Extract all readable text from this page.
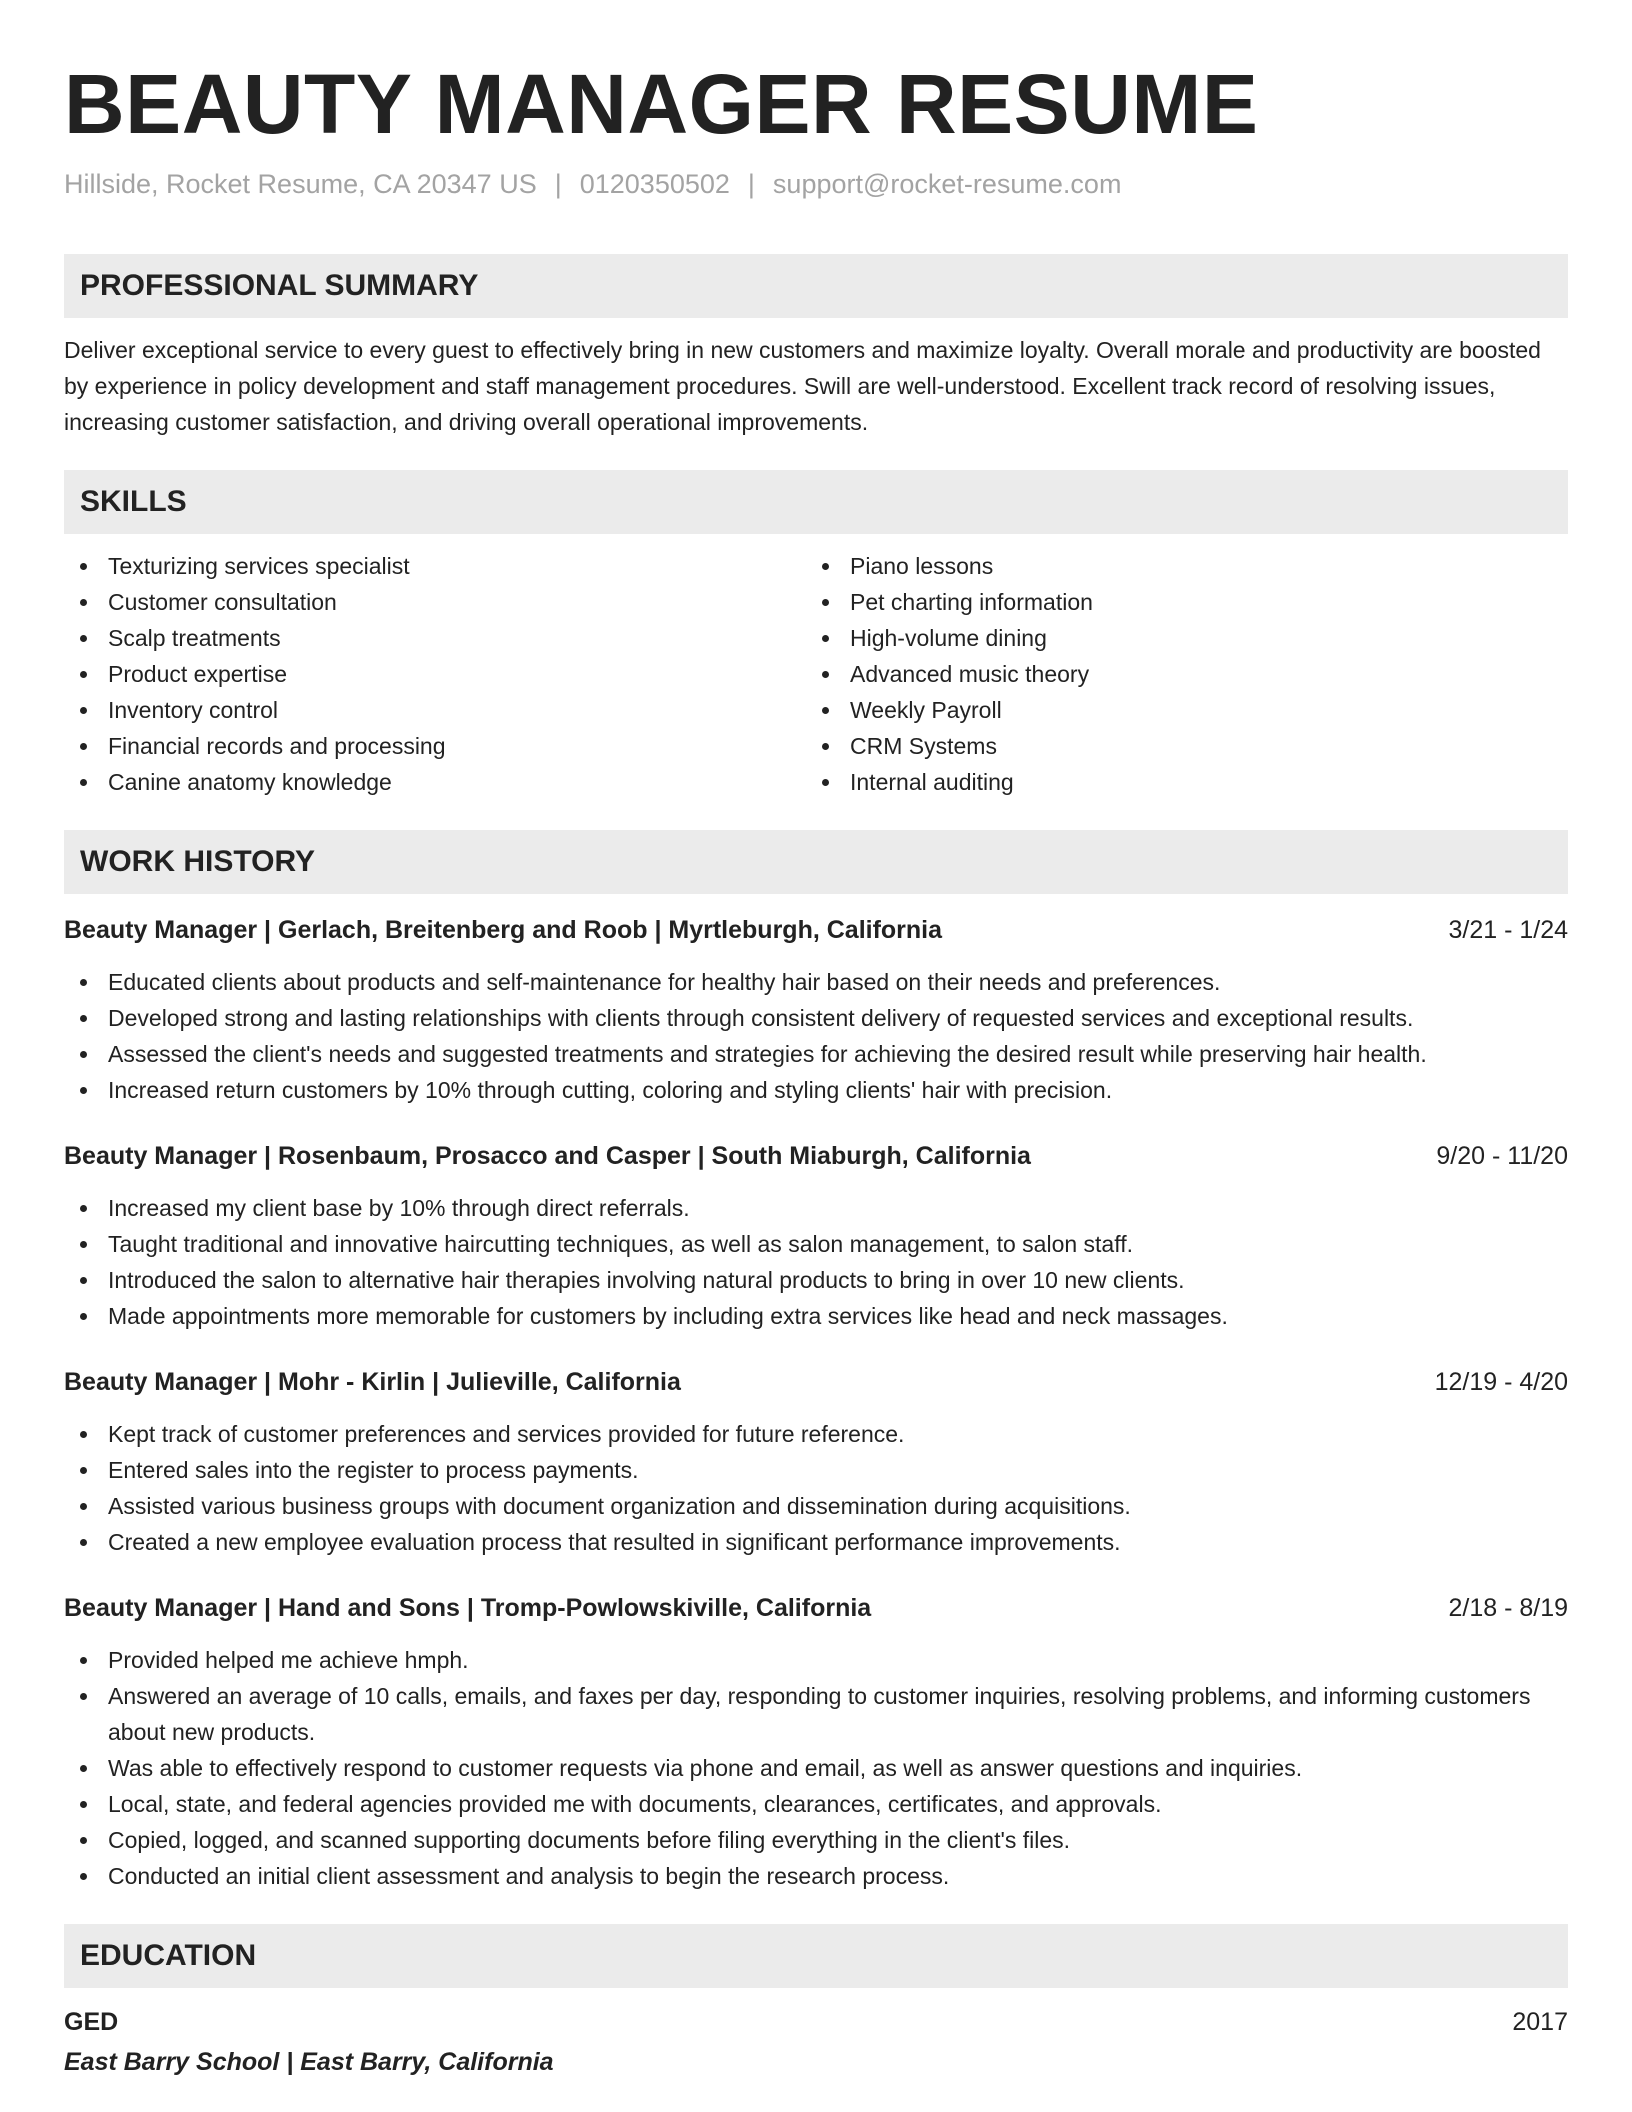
BEAUTY MANAGER RESUME
Hillside, Rocket Resume, CA 20347 US | 0120350502 | support@rocket-resume.com
PROFESSIONAL SUMMARY
Deliver exceptional service to every guest to effectively bring in new customers and maximize loyalty. Overall morale and productivity are boosted by experience in policy development and staff management procedures. Swill are well-understood. Excellent track record of resolving issues, increasing customer satisfaction, and driving overall operational improvements.
SKILLS
Texturizing services specialist
Customer consultation
Scalp treatments
Product expertise
Inventory control
Financial records and processing
Canine anatomy knowledge
Piano lessons
Pet charting information
High-volume dining
Advanced music theory
Weekly Payroll
CRM Systems
Internal auditing
WORK HISTORY
Beauty Manager | Gerlach, Breitenberg and Roob | Myrtleburgh, California	3/21 - 1/24
Educated clients about products and self-maintenance for healthy hair based on their needs and preferences.
Developed strong and lasting relationships with clients through consistent delivery of requested services and exceptional results.
Assessed the client's needs and suggested treatments and strategies for achieving the desired result while preserving hair health.
Increased return customers by 10% through cutting, coloring and styling clients' hair with precision.
Beauty Manager | Rosenbaum, Prosacco and Casper | South Miaburgh, California	9/20 - 11/20
Increased my client base by 10% through direct referrals.
Taught traditional and innovative haircutting techniques, as well as salon management, to salon staff.
Introduced the salon to alternative hair therapies involving natural products to bring in over 10 new clients.
Made appointments more memorable for customers by including extra services like head and neck massages.
Beauty Manager | Mohr - Kirlin | Julieville, California	12/19 - 4/20
Kept track of customer preferences and services provided for future reference.
Entered sales into the register to process payments.
Assisted various business groups with document organization and dissemination during acquisitions.
Created a new employee evaluation process that resulted in significant performance improvements.
Beauty Manager | Hand and Sons | Tromp-Powlowskiville, California	2/18 - 8/19
Provided helped me achieve hmph.
Answered an average of 10 calls, emails, and faxes per day, responding to customer inquiries, resolving problems, and informing customers about new products.
Was able to effectively respond to customer requests via phone and email, as well as answer questions and inquiries.
Local, state, and federal agencies provided me with documents, clearances, certificates, and approvals.
Copied, logged, and scanned supporting documents before filing everything in the client's files.
Conducted an initial client assessment and analysis to begin the research process.
EDUCATION
GED	2017
East Barry School | East Barry, California
